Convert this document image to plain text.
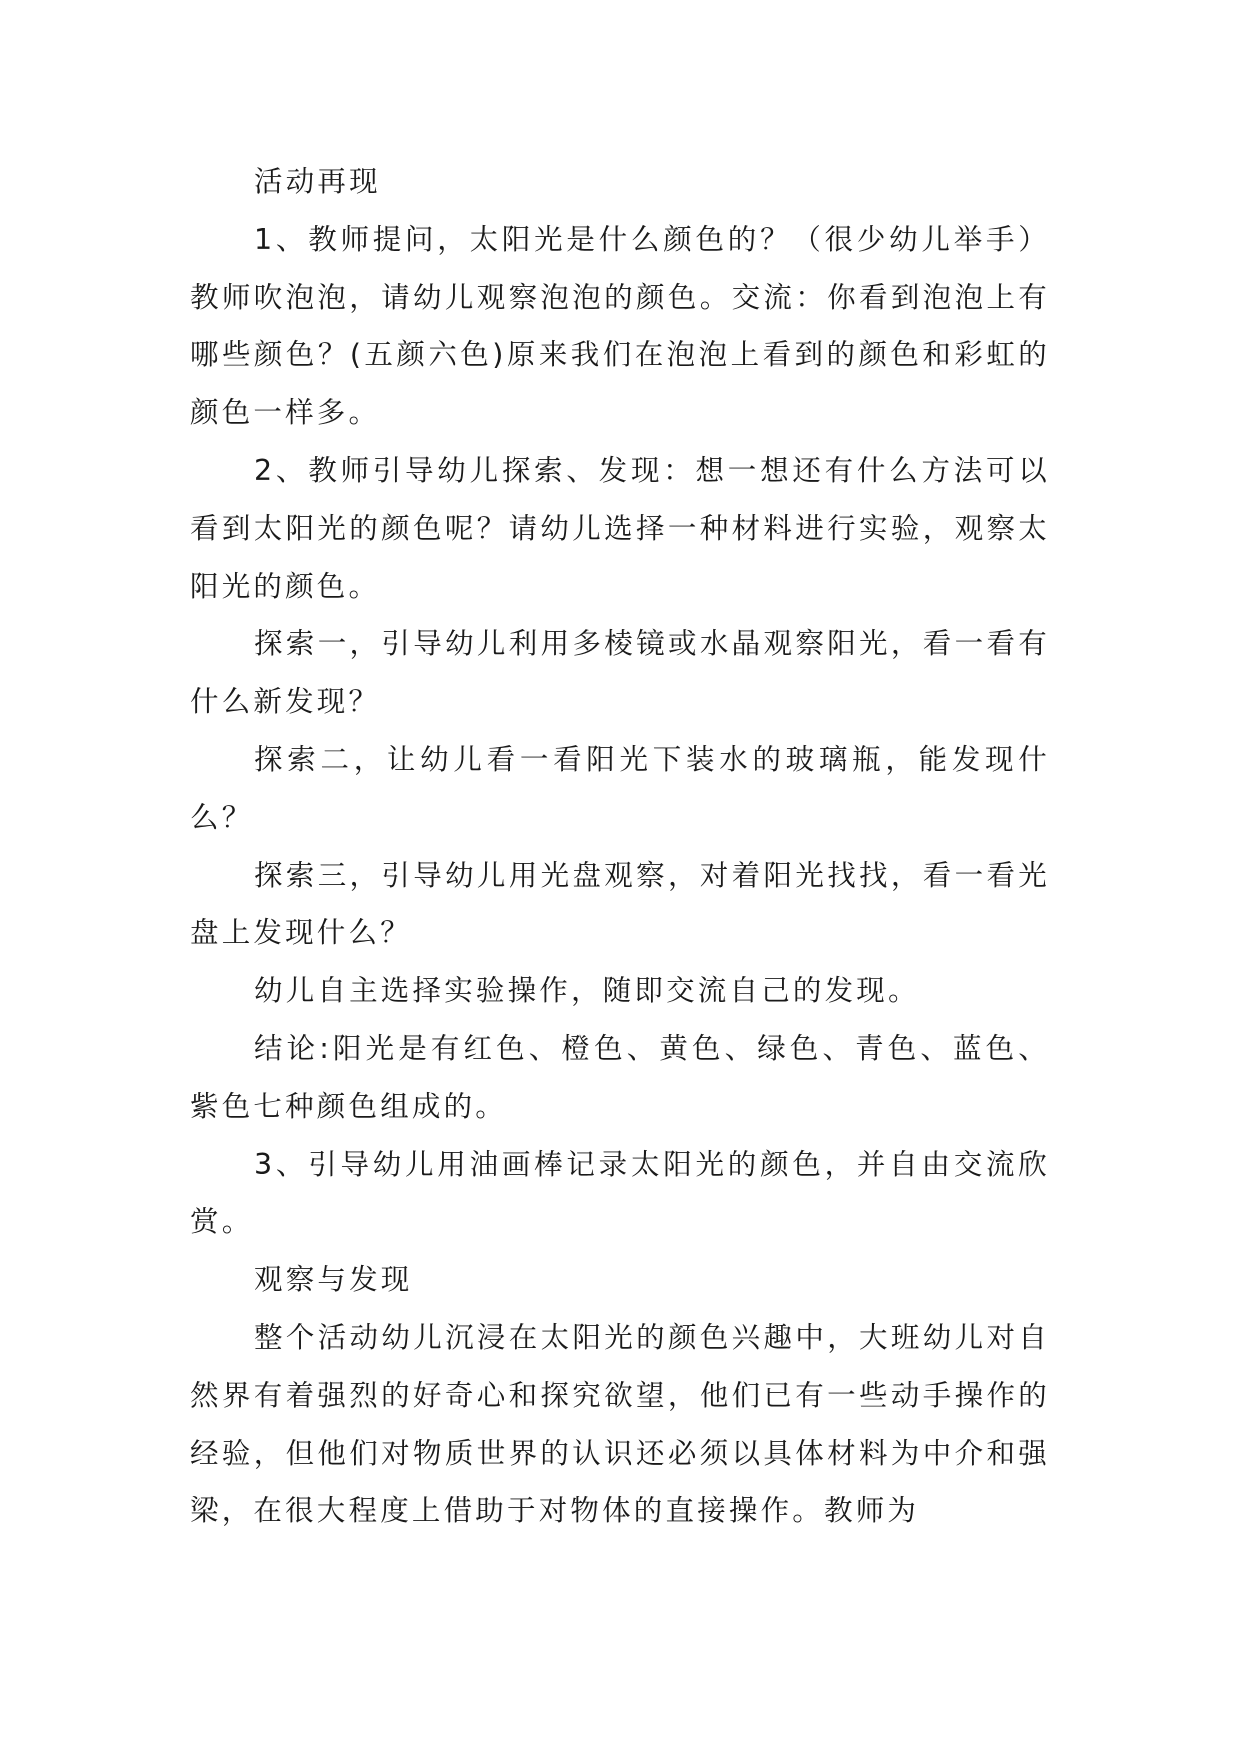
活动再现

1、教师提问，太阳光是什么颜色的？（很少幼儿举手）教师吹泡泡，请幼儿观察泡泡的颜色。交流：你看到泡泡上有哪些颜色？(五颜六色)原来我们在泡泡上看到的颜色和彩虹的颜色一样多。

2、教师引导幼儿探索、发现：想一想还有什么方法可以看到太阳光的颜色呢？请幼儿选择一种材料进行实验，观察太阳光的颜色。

探索一，引导幼儿利用多棱镜或水晶观察阳光，看一看有什么新发现？

探索二，让幼儿看一看阳光下装水的玻璃瓶，能发现什么？

探索三，引导幼儿用光盘观察，对着阳光找找，看一看光盘上发现什么？

幼儿自主选择实验操作，随即交流自己的发现。

结论:阳光是有红色、橙色、黄色、绿色、青色、蓝色、紫色七种颜色组成的。

3、引导幼儿用油画棒记录太阳光的颜色，并自由交流欣赏。

观察与发现

整个活动幼儿沉浸在太阳光的颜色兴趣中，大班幼儿对自然界有着强烈的好奇心和探究欲望，他们已有一些动手操作的经验，但他们对物质世界的认识还必须以具体材料为中介和强梁，在很大程度上借助于对物体的直接操作。教师为
